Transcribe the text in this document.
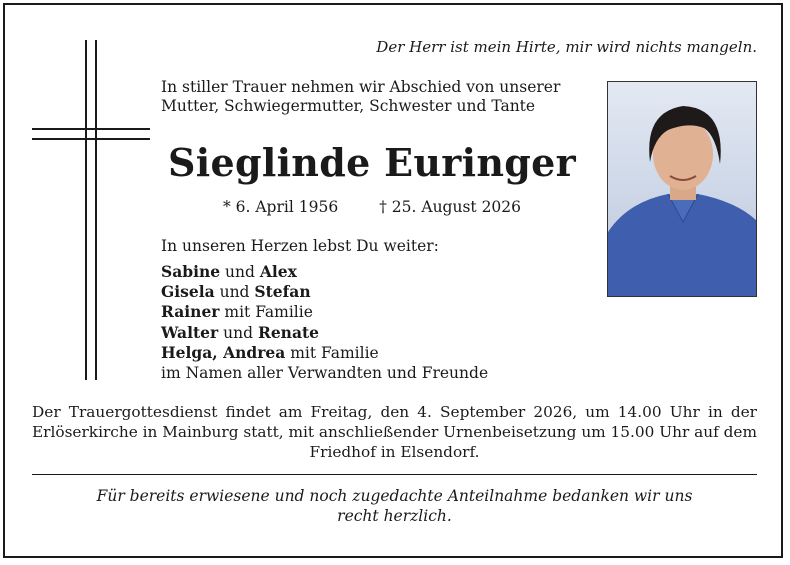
Der Herr ist mein Hirte, mir wird nichts mangeln.
In stiller Trauer nehmen wir Abschied von unserer
Mutter, Schwiegermutter, Schwester und Tante
Sieglinde Euringer
* 6. April 1956	† 25. August 2026
In unseren Herzen lebst Du weiter:
Sabine und Alex
Gisela und Stefan
Rainer mit Familie
Walter und Renate
Helga, Andrea mit Familie
im Namen aller Verwandten und Freunde
Der Trauergottesdienst findet am Freitag, den 4. September 2026, um 14.00 Uhr in der Erlöserkirche in Mainburg statt, mit anschließender Urnenbeisetzung um 15.00 Uhr auf dem Friedhof in Elsendorf.
Für bereits erwiesene und noch zugedachte Anteilnahme bedanken wir uns
recht herzlich.
